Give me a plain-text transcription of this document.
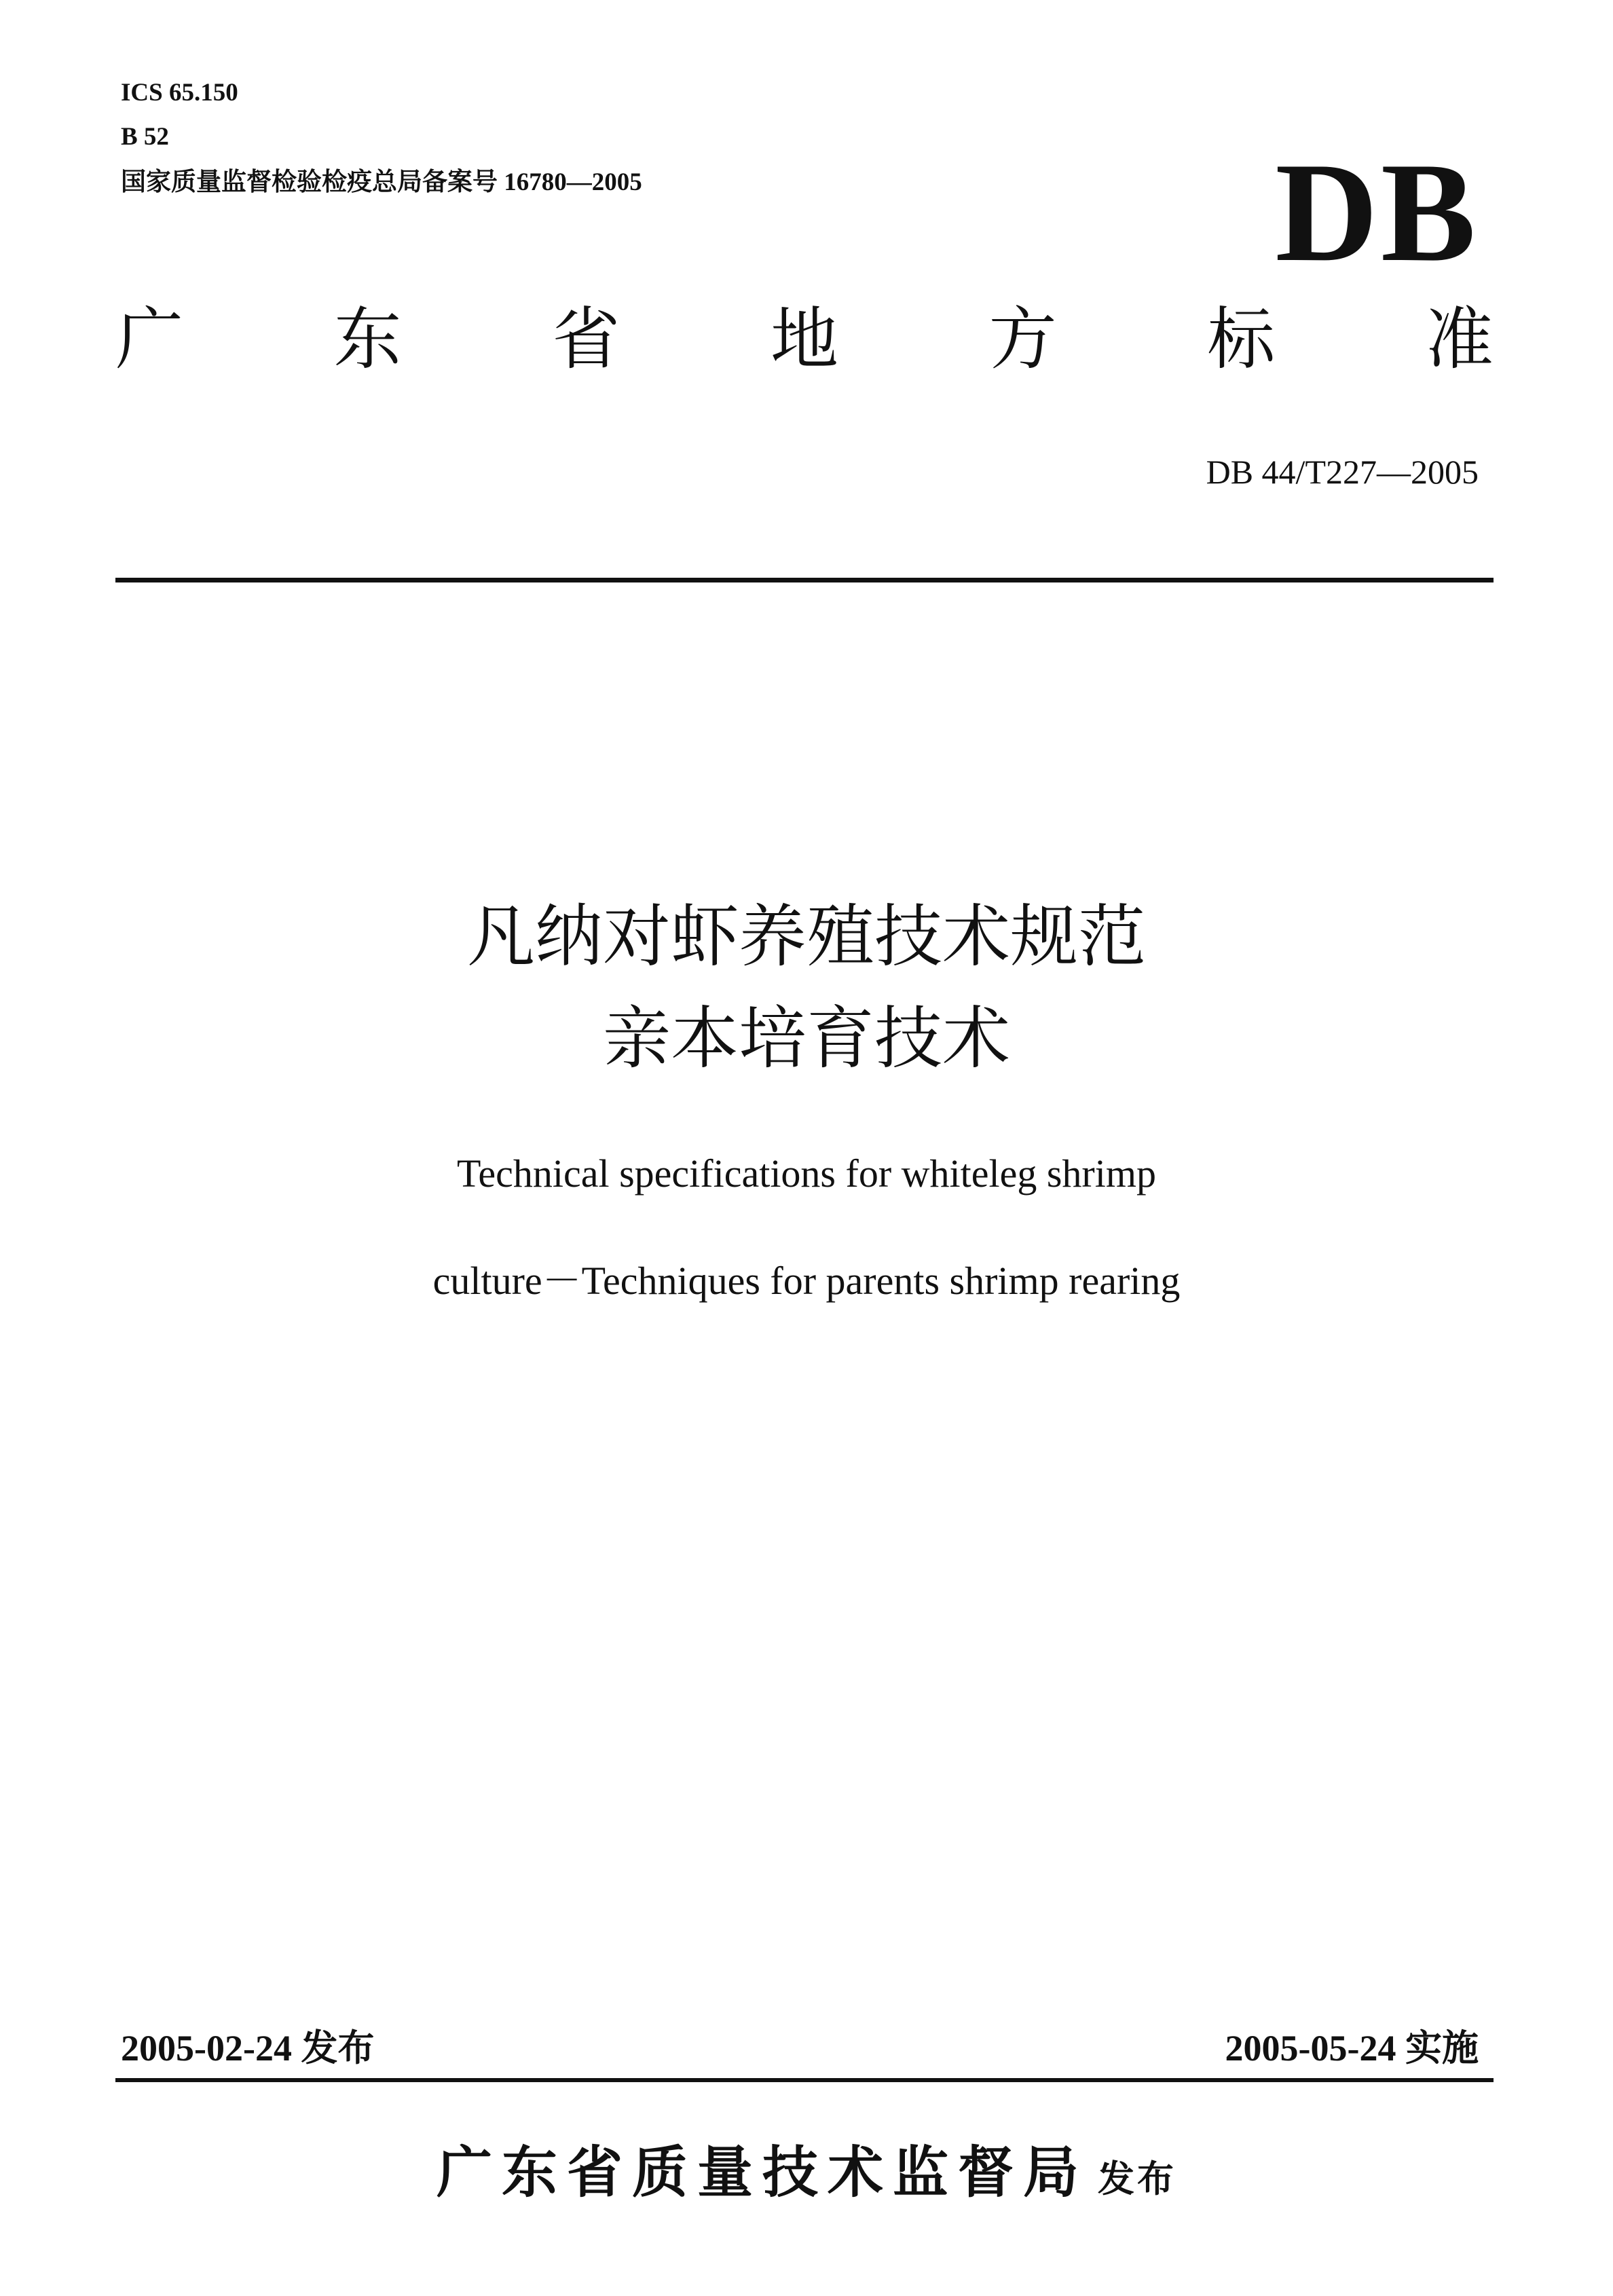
ICS 65.150
B 52
国家质量监督检验检疫总局备案号 16780—2005	DB
广 东 省 地 方 标 准
DB 44/T227—2005
凡纳对虾养殖技术规范
亲本培育技术
Technical specifications for whiteleg shrimp
culture－Techniques for parents shrimp rearing
2005-02-24 发布	2005-05-24 实施
广东省质量技术监督局 发布
